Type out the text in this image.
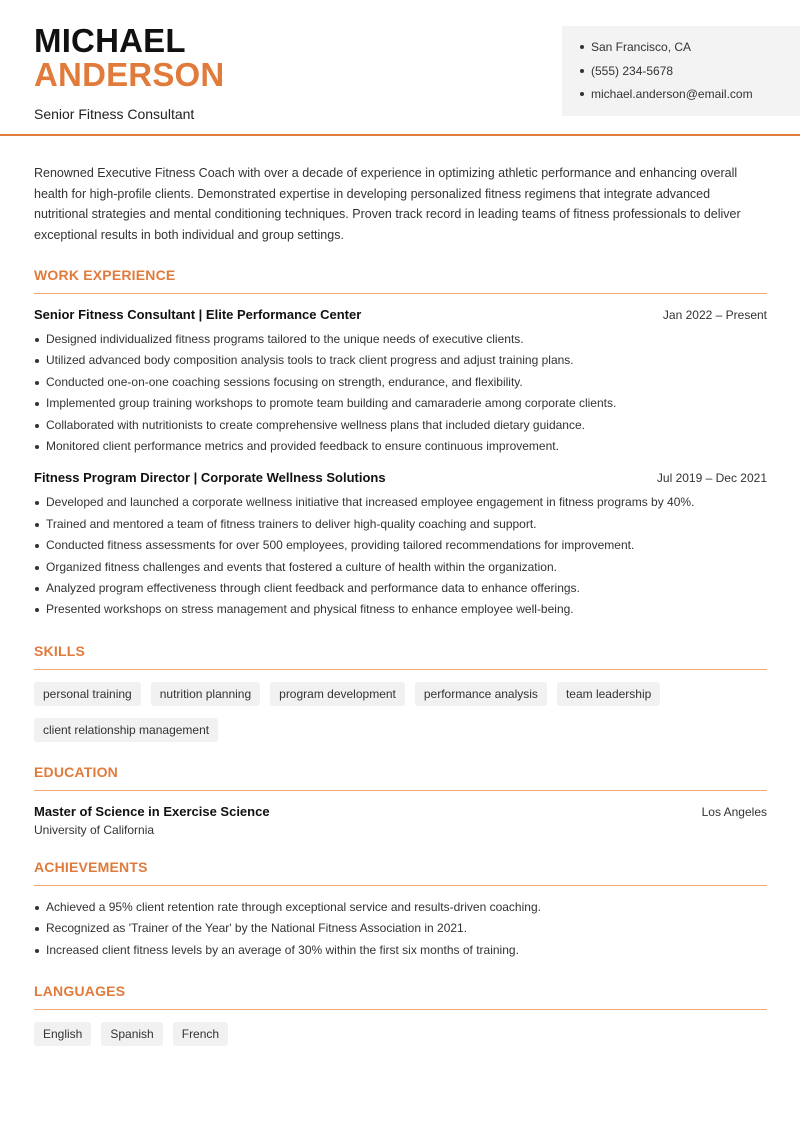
MICHAEL
ANDERSON
Senior Fitness Consultant
San Francisco, CA
(555) 234-5678
michael.anderson@email.com

Renowned Executive Fitness Coach with over a decade of experience in optimizing athletic performance and enhancing overall health for high-profile clients. Demonstrated expertise in developing personalized fitness regimens that integrate advanced nutritional strategies and mental conditioning techniques. Proven track record in leading teams of fitness professionals to deliver exceptional results in both individual and group settings.

WORK EXPERIENCE
Senior Fitness Consultant | Elite Performance Center	Jan 2022 – Present
Designed individualized fitness programs tailored to the unique needs of executive clients.
Utilized advanced body composition analysis tools to track client progress and adjust training plans.
Conducted one-on-one coaching sessions focusing on strength, endurance, and flexibility.
Implemented group training workshops to promote team building and camaraderie among corporate clients.
Collaborated with nutritionists to create comprehensive wellness plans that included dietary guidance.
Monitored client performance metrics and provided feedback to ensure continuous improvement.
Fitness Program Director | Corporate Wellness Solutions	Jul 2019 – Dec 2021
Developed and launched a corporate wellness initiative that increased employee engagement in fitness programs by 40%.
Trained and mentored a team of fitness trainers to deliver high-quality coaching and support.
Conducted fitness assessments for over 500 employees, providing tailored recommendations for improvement.
Organized fitness challenges and events that fostered a culture of health within the organization.
Analyzed program effectiveness through client feedback and performance data to enhance offerings.
Presented workshops on stress management and physical fitness to enhance employee well-being.
SKILLS
personal training	nutrition planning	program development	performance analysis	team leadership
client relationship management
EDUCATION
Master of Science in Exercise Science	Los Angeles
University of California
ACHIEVEMENTS
Achieved a 95% client retention rate through exceptional service and results-driven coaching.
Recognized as 'Trainer of the Year' by the National Fitness Association in 2021.
Increased client fitness levels by an average of 30% within the first six months of training.
LANGUAGES
English	Spanish	French
